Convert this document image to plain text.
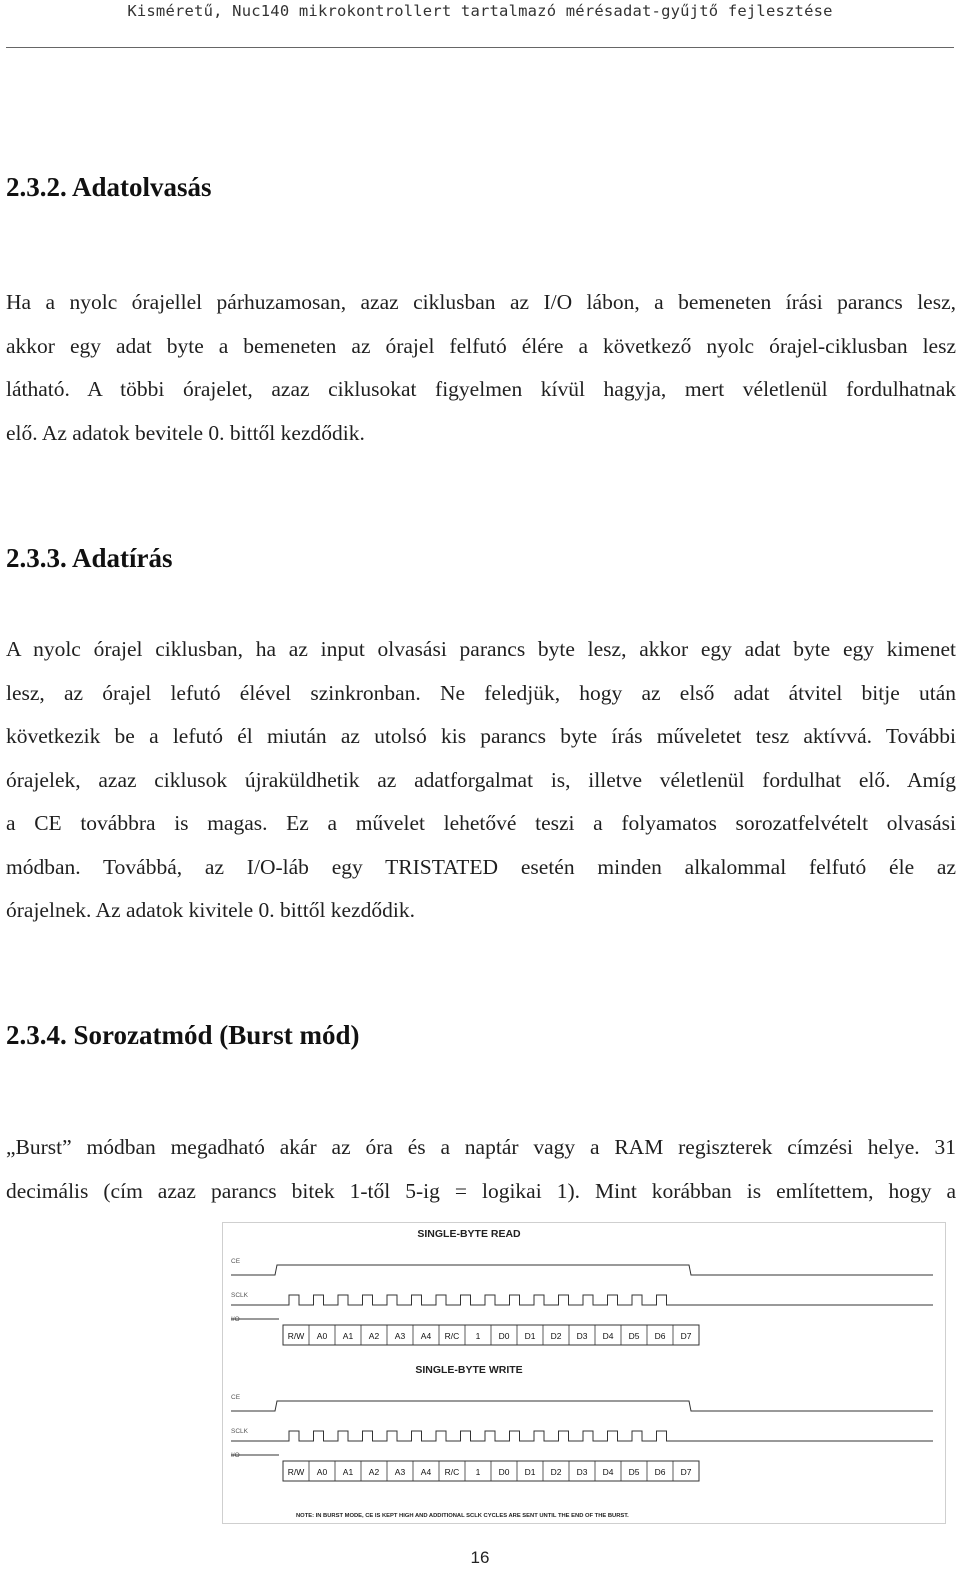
Kisméretű, Nuc140 mikrokontrollert tartalmazó mérésadat-gyűjtő fejlesztése
2.3.2. Adatolvasás
Ha a nyolc órajellel párhuzamosan, azaz ciklusban az I/O lábon, a bemeneten írási parancs lesz,
akkor egy adat byte a bemeneten az órajel felfutó élére a következő nyolc órajel-ciklusban lesz
látható. A többi órajelet, azaz ciklusokat figyelmen kívül hagyja, mert véletlenül fordulhatnak
elő. Az adatok bevitele 0. bittől kezdődik.
2.3.3. Adatírás
A nyolc órajel ciklusban, ha az input olvasási parancs byte lesz, akkor egy adat byte egy kimenet
lesz, az órajel lefutó élével szinkronban. Ne feledjük, hogy az első adat átvitel bitje után
következik be a lefutó él miután az utolsó kis parancs byte írás műveletet tesz aktívvá. További
órajelek, azaz ciklusok újraküldhetik az adatforgalmat is, illetve véletlenül fordulhat elő. Amíg
a CE továbbra is magas. Ez a művelet lehetővé teszi a folyamatos sorozatfelvételt olvasási
módban. Továbbá, az I/O-láb egy TRISTATED esetén minden alkalommal felfutó éle az
órajelnek. Az adatok kivitele 0. bittől kezdődik.
2.3.4. Sorozatmód (Burst mód)
„Burst” módban megadható akár az óra és a naptár vagy a RAM regiszterek címzési helye. 31
decimális (cím azaz parancs bitek 1-től 5-ig = logikai 1). Mint korábban is említettem, hogy a
SINGLE-BYTE READ
CE
SCLK
I/O
R/W A0 A1 A2 A3 A4 R/C 1 D0 D1 D2 D3 D4 D5 D6 D7
SINGLE-BYTE WRITE
CE
SCLK
I/O
R/W A0 A1 A2 A3 A4 R/C 1 D0 D1 D2 D3 D4 D5 D6 D7
NOTE: IN BURST MODE, CE IS KEPT HIGH AND ADDITIONAL SCLK CYCLES ARE SENT UNTIL THE END OF THE BURST.
16
